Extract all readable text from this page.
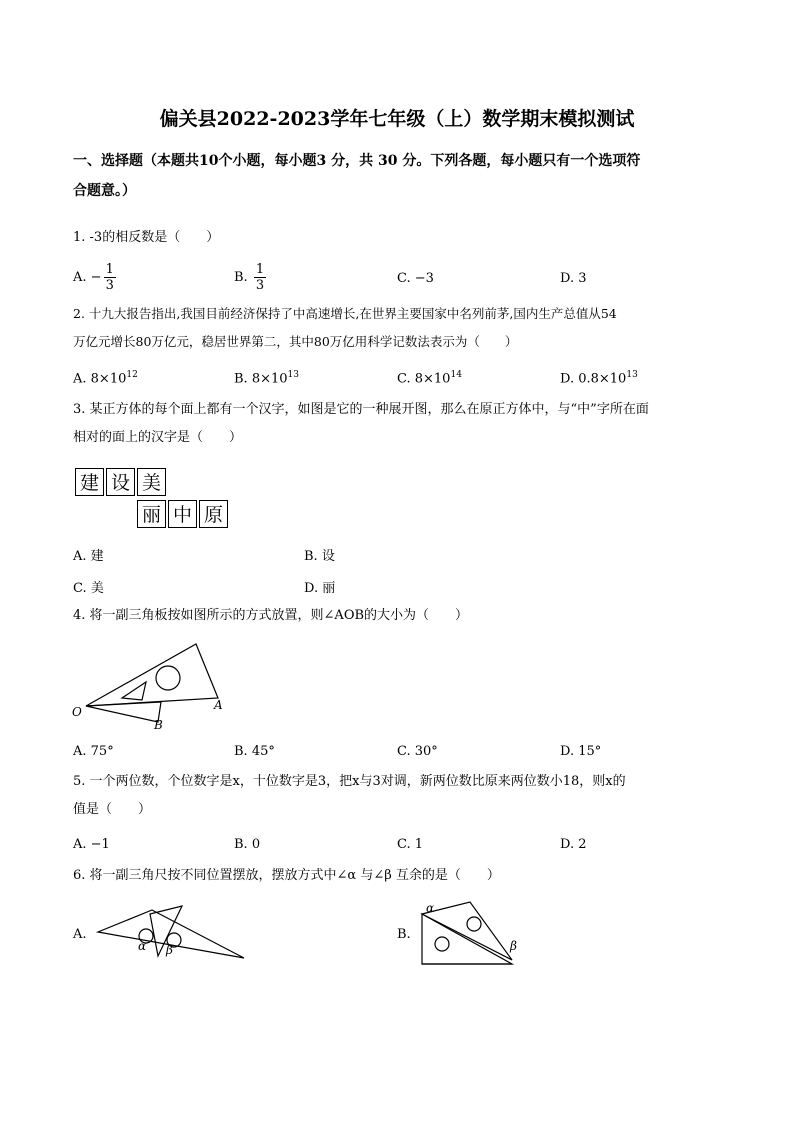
偏关县2022-2023学年七年级（上）数学期末模拟测试
一、选择题（本题共10个小题，每小题3 分，共 30 分。下列各题，每小题只有一个选项符
合题意。）
1. -3的相反数是（　　）
A. − $\frac{1}{3}$	B. $\frac{1}{3}$	C. −3	D. 3
2. 十九大报告指出,我国目前经济保持了中高速增长,在世界主要国家中名列前茅,国内生产总值从54
万亿元增长80万亿元，稳居世界第二，其中80万亿用科学记数法表示为（　　）
A. $8\times 10^{12}$	B. $8\times 10^{13}$	C. $8\times 10^{14}$	D. $0.8\times 10^{13}$
3. 某正方体的每个面上都有一个汉字，如图是它的一种展开图，那么在原正方体中，与“中”字所在面
相对的面上的汉字是（　　）
建 设 美
丽 中 原
A. 建	B. 设
C. 美	D. 丽
4. 将一副三角板按如图所示的方式放置，则∠AOB的大小为（　　）
O	A
B
A. 75°	B. 45°	C. 30°	D. 15°
5. 一个两位数，个位数字是x，十位数字是3，把x与3对调，新两位数比原来两位数小18，则x的
值是（　　）
A. −1	B. 0	C. 1	D. 2
6. 将一副三角尺按不同位置摆放，摆放方式中∠α 与∠β 互余的是（　　）
A.
α β
B.
α
β
